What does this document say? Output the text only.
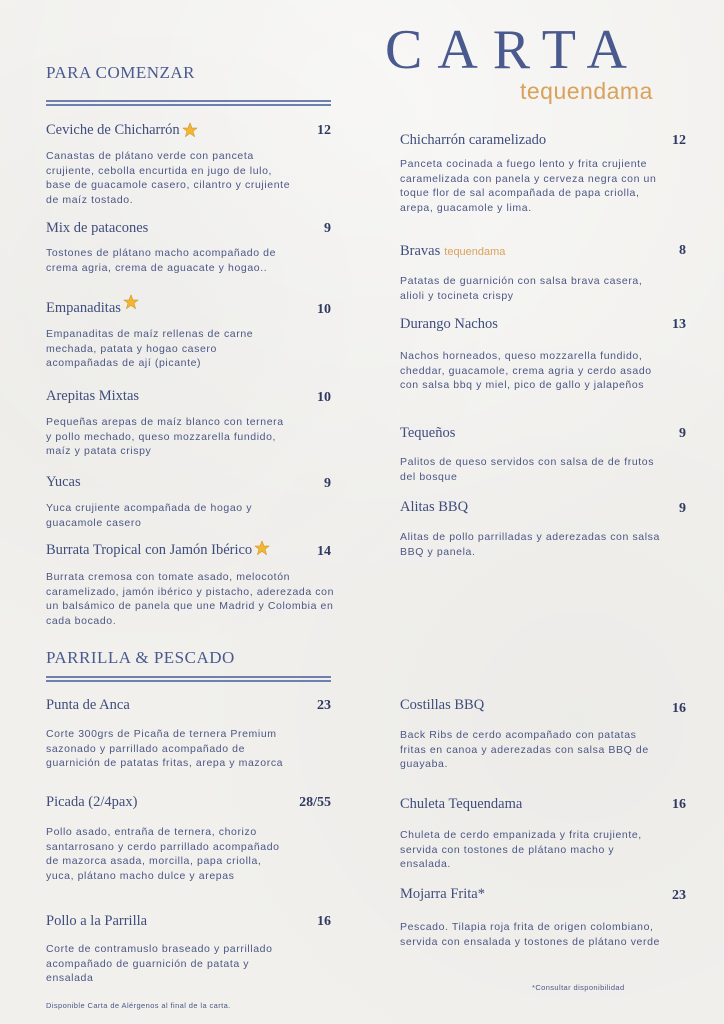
CARTA
tequendama
PARA COMENZAR
Ceviche de Chicharrón	12
Canastas de plátano verde con panceta crujiente, cebolla encurtida en jugo de lulo, base de guacamole casero, cilantro y crujiente de maíz tostado.
Mix de patacones	9
Tostones de plátano macho acompañado de crema agria, crema de aguacate y hogao..
Empanaditas	10
Empanaditas de maíz rellenas de carne mechada, patata y hogao casero acompañadas de ají (picante)
Arepitas Mixtas	10
Pequeñas arepas de maíz blanco con ternera y pollo mechado, queso mozzarella fundido, maíz y patata crispy
Yucas	9
Yuca crujiente acompañada de hogao y guacamole casero
Burrata Tropical con Jamón Ibérico	14
Burrata cremosa con tomate asado, melocotón caramelizado, jamón ibérico y pistacho, aderezada con un balsámico de panela que une Madrid y Colombia en cada bocado.
Chicharrón caramelizado	12
Panceta cocinada a fuego lento y frita crujiente caramelizada con panela y cerveza negra con un toque flor de sal acompañada de papa criolla, arepa, guacamole y lima.
Bravas tequendama	8
Patatas de guarnición con salsa brava casera, alioli y tocineta crispy
Durango Nachos	13
Nachos horneados, queso mozzarella fundido, cheddar, guacamole, crema agria y cerdo asado con salsa bbq y miel, pico de gallo y jalapeños
Tequeños	9
Palitos de queso servidos con salsa de de frutos del bosque
Alitas BBQ	9
Alitas de pollo parrilladas y aderezadas con salsa BBQ y panela.
PARRILLA & PESCADO
Punta de Anca	23
Corte 300grs de Picaña de ternera Premium sazonado y parrillado acompañado de guarnición de patatas fritas, arepa y mazorca
Picada (2/4pax)	28/55
Pollo asado, entraña de ternera, chorizo santarrosano y cerdo parrillado acompañado de mazorca asada, morcilla, papa criolla, yuca, plátano macho dulce y arepas
Pollo a la Parrilla	16
Corte de contramuslo braseado y parrillado acompañado de guarnición de patata y ensalada
Costillas BBQ	16
Back Ribs de cerdo acompañado con patatas fritas en canoa y aderezadas con salsa BBQ de guayaba.
Chuleta Tequendama	16
Chuleta de cerdo empanizada y frita crujiente, servida con tostones de plátano macho y ensalada.
Mojarra Frita*	23
Pescado. Tilapia roja frita de origen colombiano, servida con ensalada y tostones de plátano verde
*Consultar disponibilidad
Disponible Carta de Alérgenos al final de la carta.
